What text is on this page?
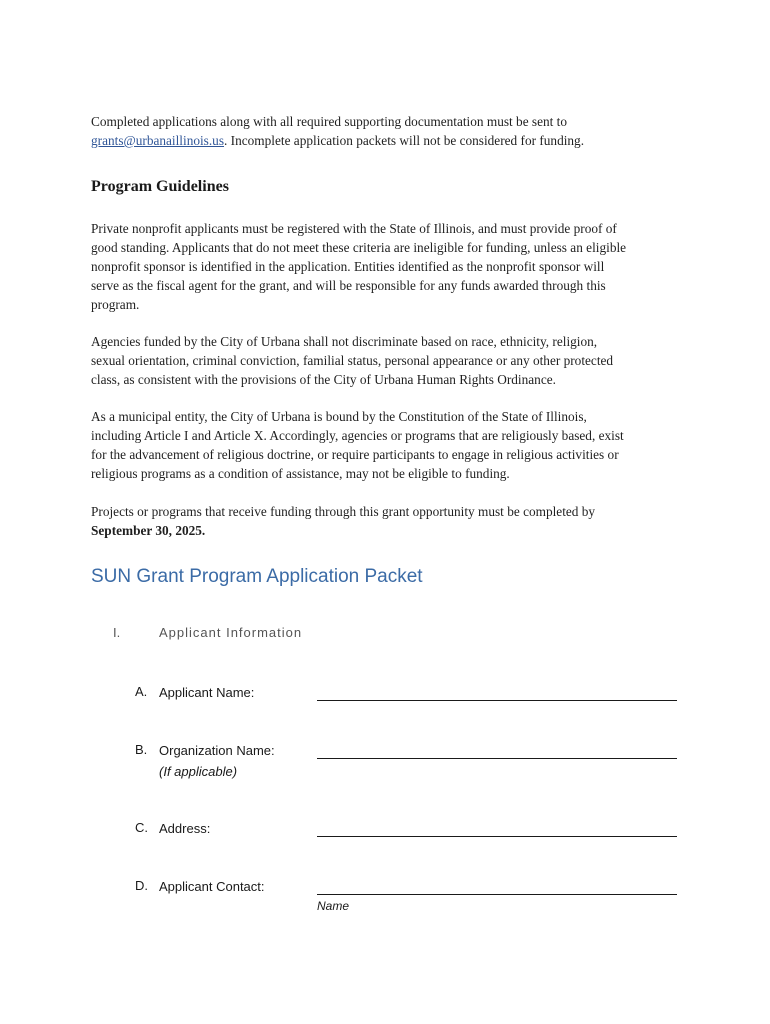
Completed applications along with all required supporting documentation must be sent to
grants@urbanaillinois.us. Incomplete application packets will not be considered for funding.
Program Guidelines
Private nonprofit applicants must be registered with the State of Illinois, and must provide proof of
good standing. Applicants that do not meet these criteria are ineligible for funding, unless an eligible
nonprofit sponsor is identified in the application. Entities identified as the nonprofit sponsor will
serve as the fiscal agent for the grant, and will be responsible for any funds awarded through this
program.
Agencies funded by the City of Urbana shall not discriminate based on race, ethnicity, religion,
sexual orientation, criminal conviction, familial status, personal appearance or any other protected
class, as consistent with the provisions of the City of Urbana Human Rights Ordinance.
As a municipal entity, the City of Urbana is bound by the Constitution of the State of Illinois,
including Article I and Article X. Accordingly, agencies or programs that are religiously based, exist
for the advancement of religious doctrine, or require participants to engage in religious activities or
religious programs as a condition of assistance, may not be eligible to funding.
Projects or programs that receive funding through this grant opportunity must be completed by
September 30, 2025.
SUN Grant Program Application Packet
I.	Applicant Information
A. Applicant Name:
B. Organization Name:
(If applicable)
C. Address:
D. Applicant Contact:
Name
